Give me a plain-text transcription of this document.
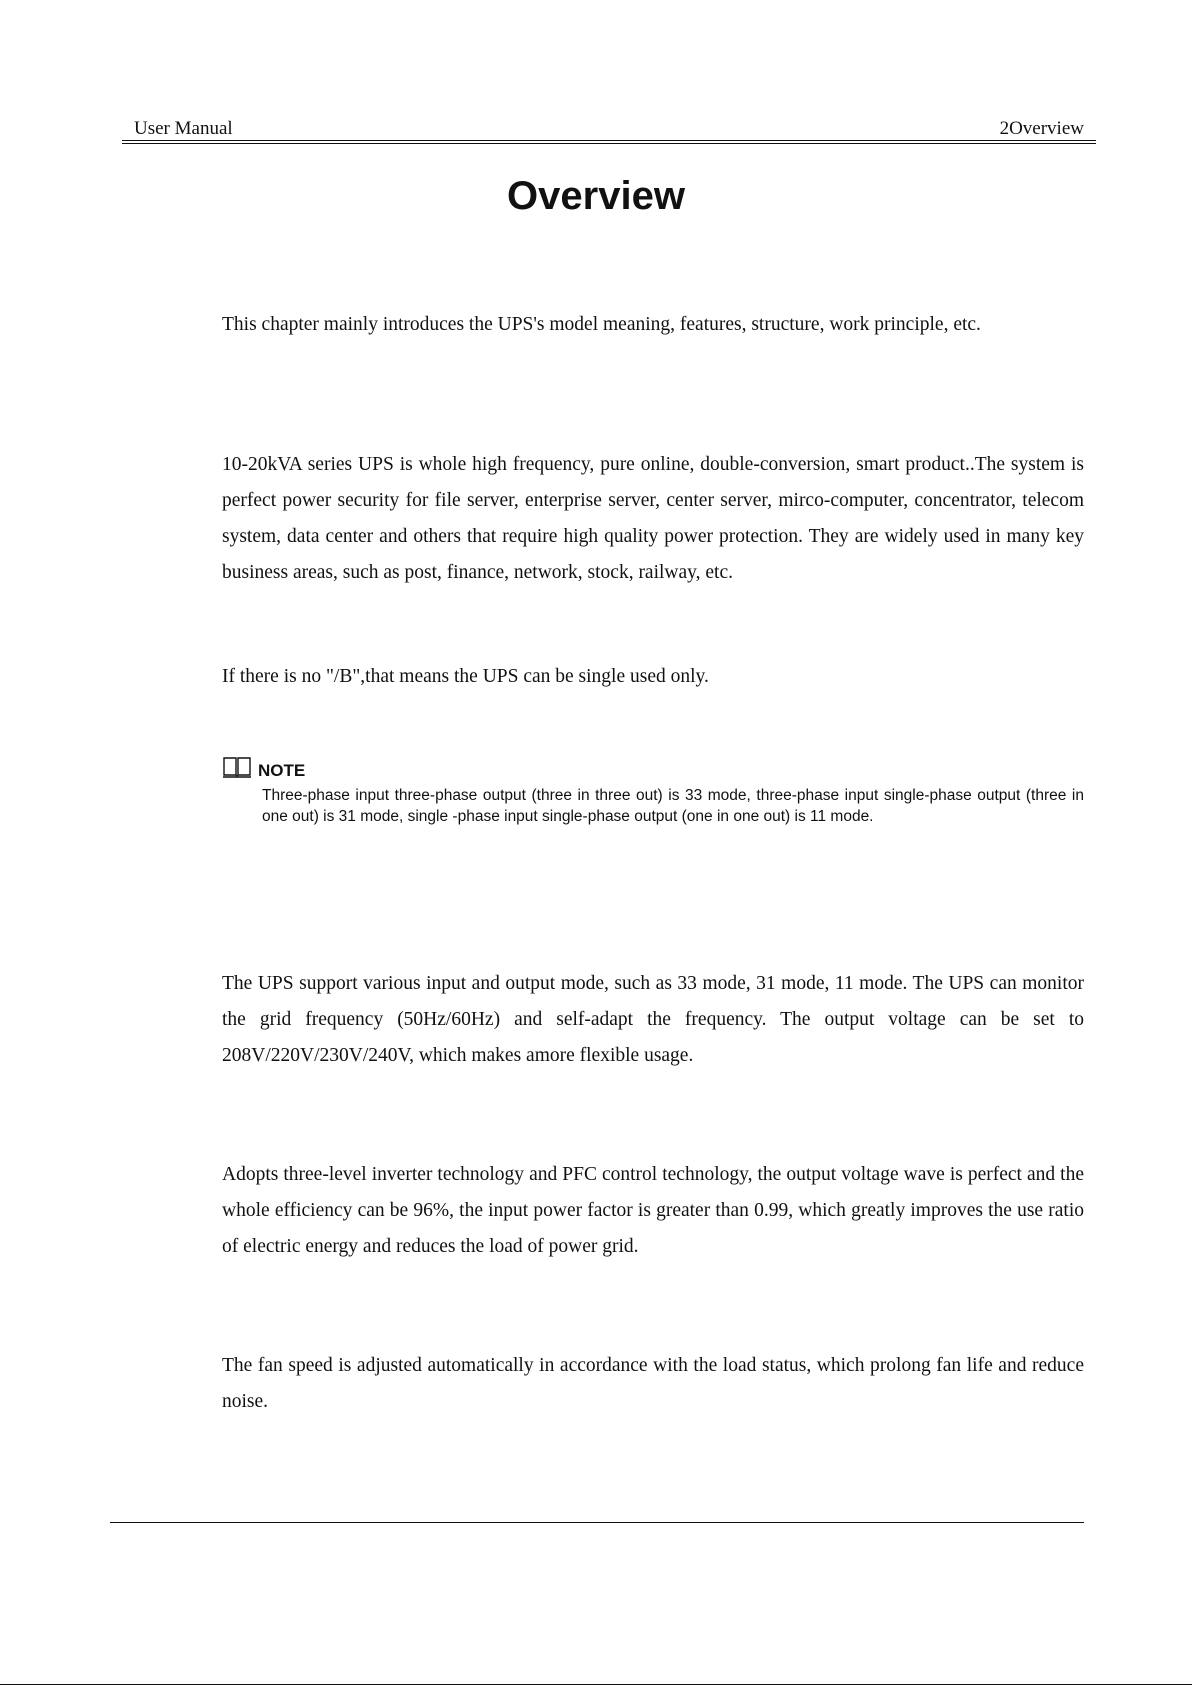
User Manual	2Overview
Overview

This chapter mainly introduces the UPS's model meaning, features, structure, work principle, etc.

10-20kVA series UPS is whole high frequency, pure online, double-conversion, smart product..The system is perfect power security for file server, enterprise server, center server, mirco-computer, concentrator, telecom system, data center and others that require high quality power protection. They are widely used in many key business areas, such as post, finance, network, stock, railway, etc.

If there is no "/B",that means the UPS can be single used only.

NOTE

Three-phase input three-phase output (three in three out) is 33 mode, three-phase input single-phase output (three in one out) is 31 mode, single -phase input single-phase output (one in one out) is 11 mode.

The UPS support various input and output mode, such as 33 mode, 31 mode, 11 mode. The UPS can monitor the grid frequency (50Hz/60Hz) and self-adapt the frequency. The output voltage can be set to 208V/220V/230V/240V, which makes amore flexible usage.

Adopts three-level inverter technology and PFC control technology, the output voltage wave is perfect and the whole efficiency can be 96%, the input power factor is greater than 0.99, which greatly improves the use ratio of electric energy and reduces the load of power grid.

The fan speed is adjusted automatically in accordance with the load status, which prolong fan life and reduce noise.
